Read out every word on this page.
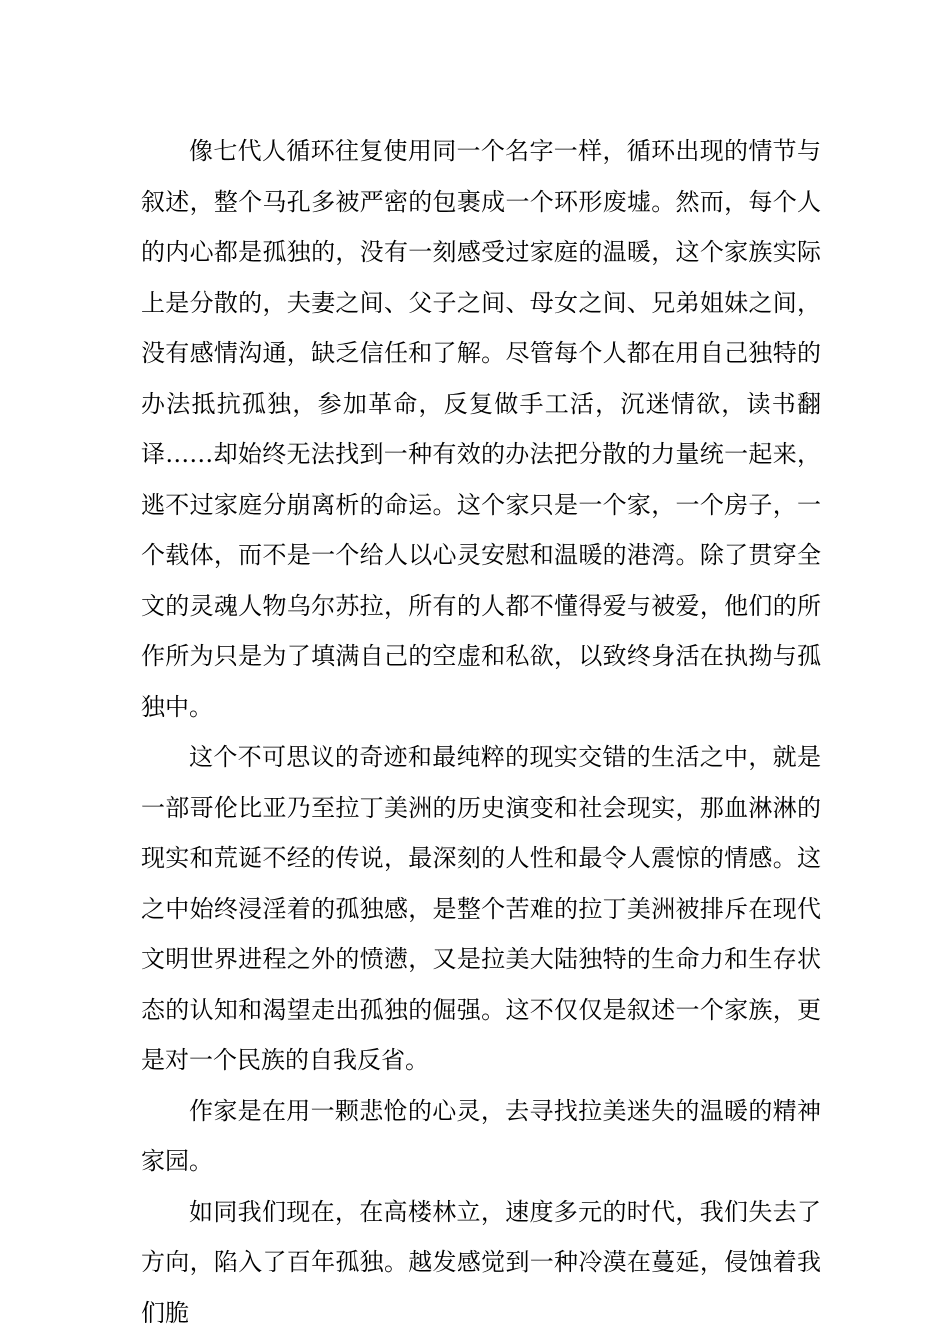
像七代人循环往复使用同一个名字一样，循环出现的情节与叙述，整个马孔多被严密的包裹成一个环形废墟。然而，每个人的内心都是孤独的，没有一刻感受过家庭的温暖，这个家族实际上是分散的，夫妻之间、父子之间、母女之间、兄弟姐妹之间，没有感情沟通，缺乏信任和了解。尽管每个人都在用自己独特的办法抵抗孤独，参加革命，反复做手工活，沉迷情欲，读书翻译……却始终无法找到一种有效的办法把分散的力量统一起来，逃不过家庭分崩离析的命运。这个家只是一个家，一个房子，一个载体，而不是一个给人以心灵安慰和温暖的港湾。除了贯穿全文的灵魂人物乌尔苏拉，所有的人都不懂得爱与被爱，他们的所作所为只是为了填满自己的空虚和私欲，以致终身活在执拗与孤独中。

这个不可思议的奇迹和最纯粹的现实交错的生活之中，就是一部哥伦比亚乃至拉丁美洲的历史演变和社会现实，那血淋淋的现实和荒诞不经的传说，最深刻的人性和最令人震惊的情感。这之中始终浸淫着的孤独感，是整个苦难的拉丁美洲被排斥在现代文明世界进程之外的愤懑，又是拉美大陆独特的生命力和生存状态的认知和渴望走出孤独的倔强。这不仅仅是叙述一个家族，更是对一个民族的自我反省。

作家是在用一颗悲怆的心灵，去寻找拉美迷失的温暖的精神家园。

如同我们现在，在高楼林立，速度多元的时代，我们失去了方向，陷入了百年孤独。越发感觉到一种冷漠在蔓延，侵蚀着我们脆
